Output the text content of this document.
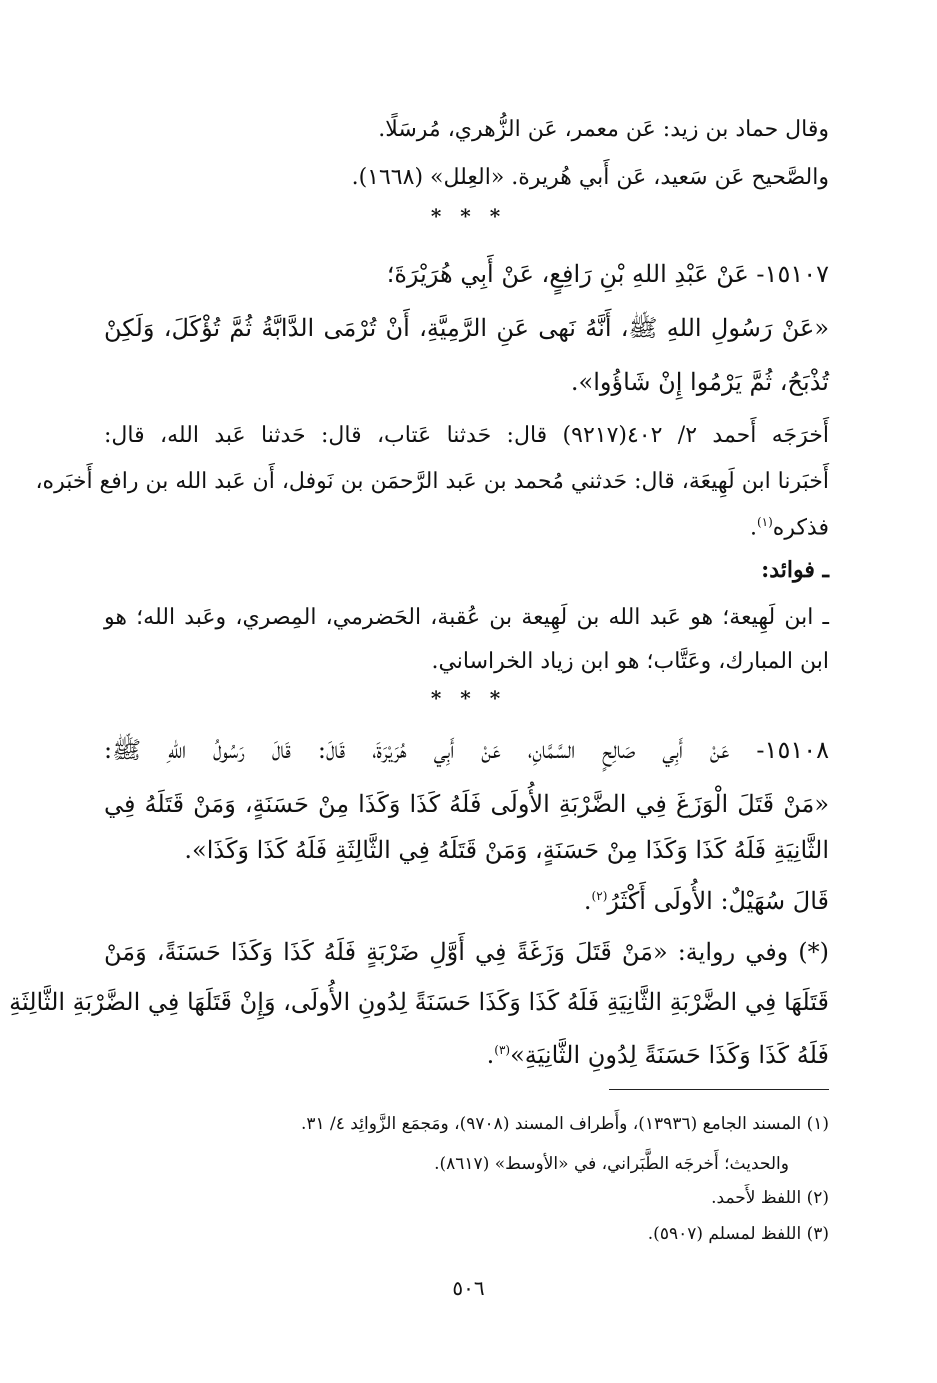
وقال حماد بن زيد: عَن معمر، عَن الزُّهري، مُرسَلًا.

والصَّحيح عَن سَعيد، عَن أَبي هُريرة. «العِلل» (١٦٦٨).

* * *

١٥١٠٧- عَنْ عَبْدِ اللهِ بْنِ رَافِعٍ، عَنْ أَبِي هُرَيْرَةَ؛

«عَنْ رَسُولِ اللهِ ﷺ، أَنَّهُ نَهى عَنِ الرَّمِيَّةِ، أَنْ تُرْمَى الدَّابَّةُ ثُمَّ تُؤْكَلَ، وَلَكِنْ

تُذْبَحُ، ثُمَّ يَرْمُوا إِنْ شَاؤُوا».

أَخرَجَه أَحمد ٢/ ٤٠٢(٩٢١٧) قال: حَدثنا عَتاب، قال: حَدثنا عَبد الله، قال:

أَخبَرنا ابن لَهِيعَة، قال: حَدثني مُحمد بن عَبد الرَّحمَن بن نَوفل، أَن عَبد الله بن رافع أَخبَره،

فذكره$^{(١)}$.

ـ فوائد:

ـ ابن لَهِيعة؛ هو عَبد الله بن لَهِيعة بن عُقبة، الحَضرمي، المِصري، وعَبد الله؛ هو

ابن المبارك، وعَتَّاب؛ هو ابن زياد الخراساني.

* * *

١٥١٠٨- عَنْ أَبِي صَالِحٍ السَّمَّانِ، عَنْ أَبِي هُرَيْرَةَ، قَالَ: قَالَ رَسُولُ اللهِ ﷺ:

«مَنْ قَتَلَ الْوَزَغَ فِي الضَّرْبَةِ الأُولَى فَلَهُ كَذَا وَكَذَا مِنْ حَسَنَةٍ، وَمَنْ قَتَلَهُ فِي

الثَّانِيَةِ فَلَهُ كَذَا وَكَذَا مِنْ حَسَنَةٍ، وَمَنْ قَتَلَهُ فِي الثَّالِثَةِ فَلَهُ كَذَا وَكَذَا».

قَالَ سُهَيْلٌ: الأُولَى أَكْثَرُ$^{(٢)}$.

(*) وفي رواية: «مَنْ قَتَلَ وَزَغَةً فِي أَوَّلِ ضَرْبَةٍ فَلَهُ كَذَا وَكَذَا حَسَنَةً، وَمَنْ

قَتَلَهَا فِي الضَّرْبَةِ الثَّانِيَةِ فَلَهُ كَذَا وَكَذَا حَسَنَةً لِدُونِ الأُولَى، وَإِنْ قَتَلَهَا فِي الضَّرْبَةِ الثَّالِثَةِ

فَلَهُ كَذَا وَكَذَا حَسَنَةً لِدُونِ الثَّانِيَةِ»$^{(٣)}$.

(١) المسند الجامع (١٣٩٣٦)، وأَطراف المسند (٩٧٠٨)، ومَجمَع الزَّوائِد ٤/ ٣١.

والحديث؛ أَخرجَه الطَّبَراني، في «الأوسط» (٨٦١٧).

(٢) اللفظ لأَحمد.

(٣) اللفظ لمسلم (٥٩٠٧).

٥٠٦
